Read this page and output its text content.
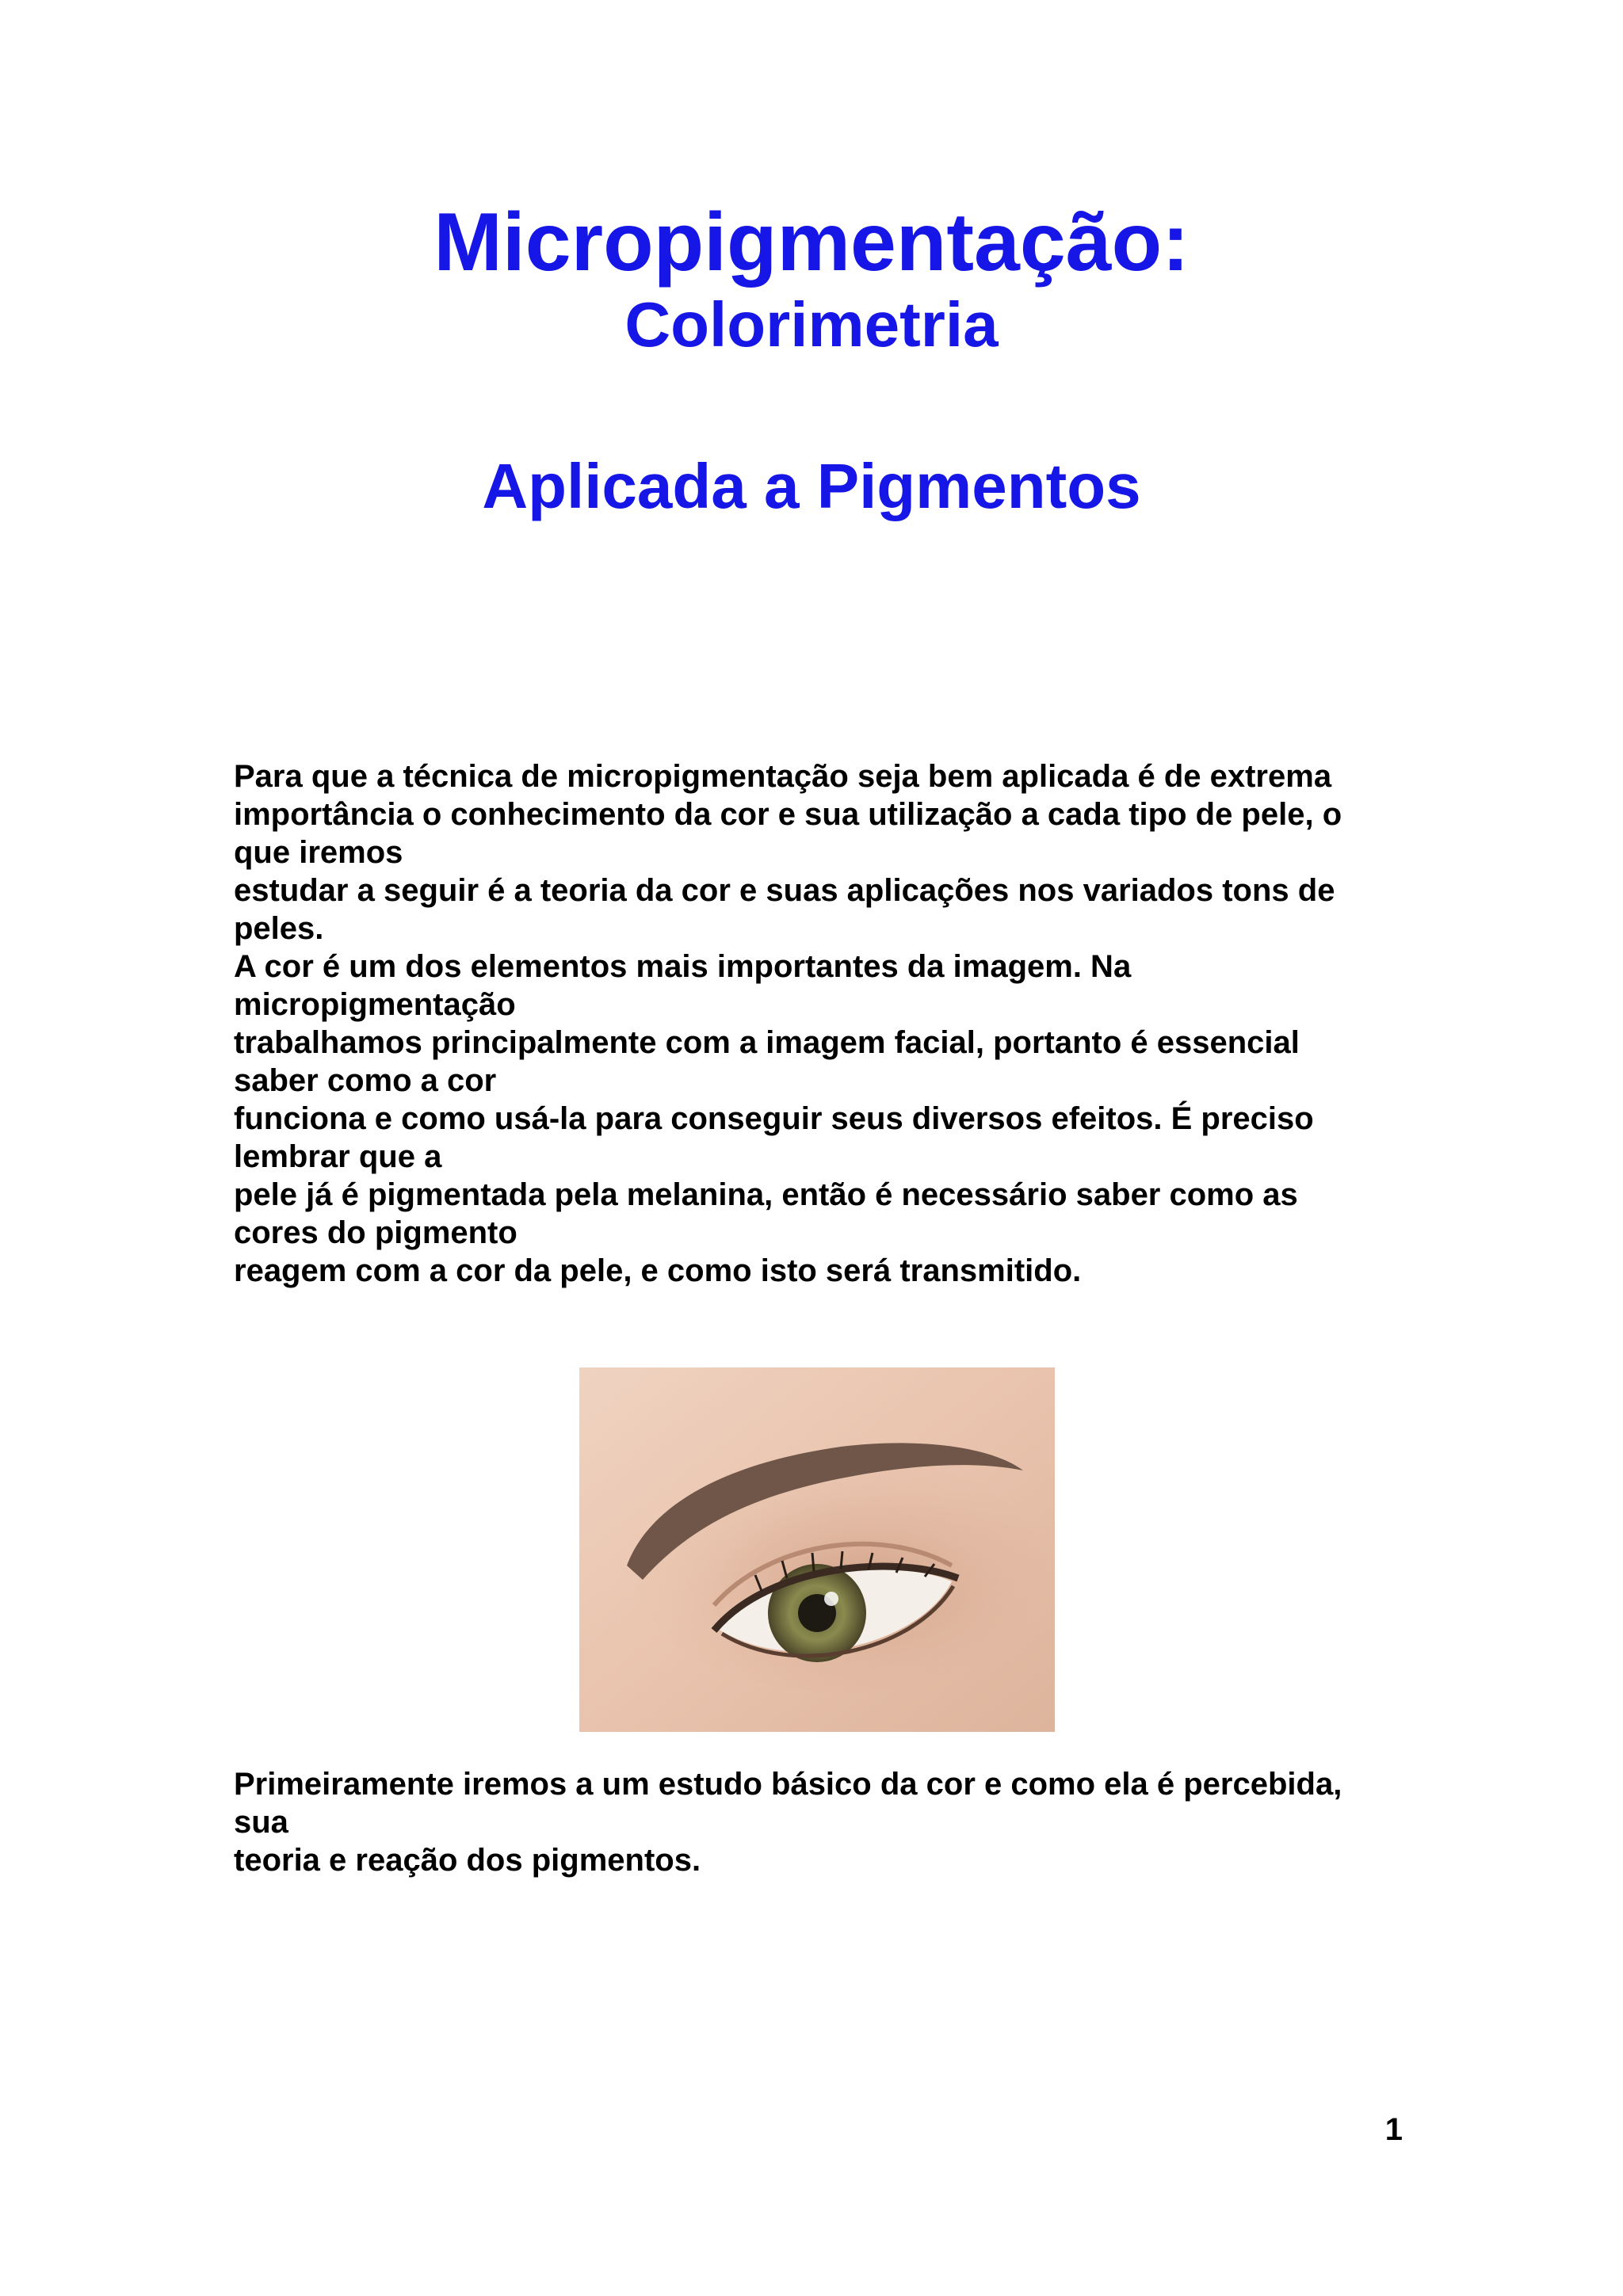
Micropigmentação:
Colorimetria
Aplicada a Pigmentos
Para que a técnica de micropigmentação seja bem aplicada é de extrema
importância o conhecimento da cor e sua utilização a cada tipo de pele, o
que iremos
estudar a seguir é a teoria da cor e suas aplicações nos variados tons de
peles.
A cor é um dos elementos mais importantes da imagem. Na
micropigmentação
trabalhamos principalmente com a imagem facial, portanto é essencial
saber como a cor
funciona e como usá-la para conseguir seus diversos efeitos. É preciso
lembrar que a
pele já é pigmentada pela melanina, então é necessário saber como as
cores do pigmento
reagem com a cor da pele, e como isto será transmitido.
Primeiramente iremos a um estudo básico da cor e como ela é percebida,
sua
teoria e reação dos pigmentos.
1
